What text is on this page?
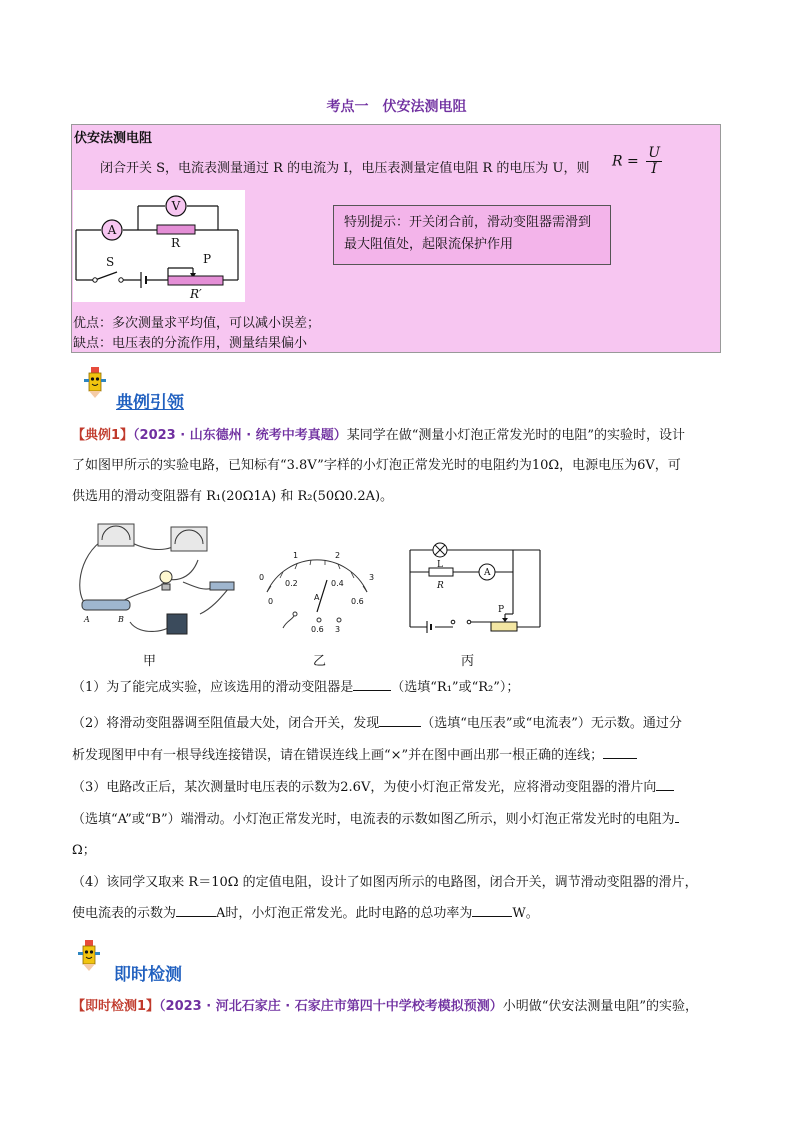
考点一　伏安法测电阻
伏安法测电阻
闭合开关 S，电流表测量通过 R 的电流为 I，电压表测量定值电阻 R 的电压为 U，则 $R = \frac{U}{I}$
A
V
R
S	P
R′
特别提示：开关闭合前，滑动变阻器需滑到最大阻值处，起限流保护作用
优点：多次测量求平均值，可以减小误差；
缺点：电压表的分流作用，测量结果偏小
典例引领
【典例1】（2023 · 山东德州 · 统考中考真题）某同学在做“测量小灯泡正常发光时的电阻”的实验时，设计
了如图甲所示的实验电路，已知标有“3.8V”字样的小灯泡正常发光时的电阻约为10Ω，电源电压为6V，可
供选用的滑动变阻器有 R₁(20Ω1A) 和 R₂(50Ω0.2A)。
A	B
0
1	2
3
0
0.2	0.4
0.6
A
0.6 3
L
R
A
P
甲	乙	丙
（1）为了能完成实验，应该选用的滑动变阻器是	（选填“R₁”或“R₂”）；
（2）将滑动变阻器调至阻值最大处，闭合开关，发现	（选填“电压表”或“电流表”）无示数。通过分
析发现图甲中有一根导线连接错误，请在错误连线上画“×”并在图中画出那一根正确的连线；
（3）电路改正后，某次测量时电压表的示数为2.6V，为使小灯泡正常发光，应将滑动变阻器的滑片向
（选填“A”或“B”）端滑动。小灯泡正常发光时，电流表的示数如图乙所示，则小灯泡正常发光时的电阻为
Ω；
（4）该同学又取来 R＝10Ω 的定值电阻，设计了如图丙所示的电路图，闭合开关，调节滑动变阻器的滑片，
使电流表的示数为	A时，小灯泡正常发光。此时电路的总功率为	W。
即时检测
【即时检测1】（2023 · 河北石家庄 · 石家庄市第四十中学校考模拟预测）小明做“伏安法测量电阻”的实验，
